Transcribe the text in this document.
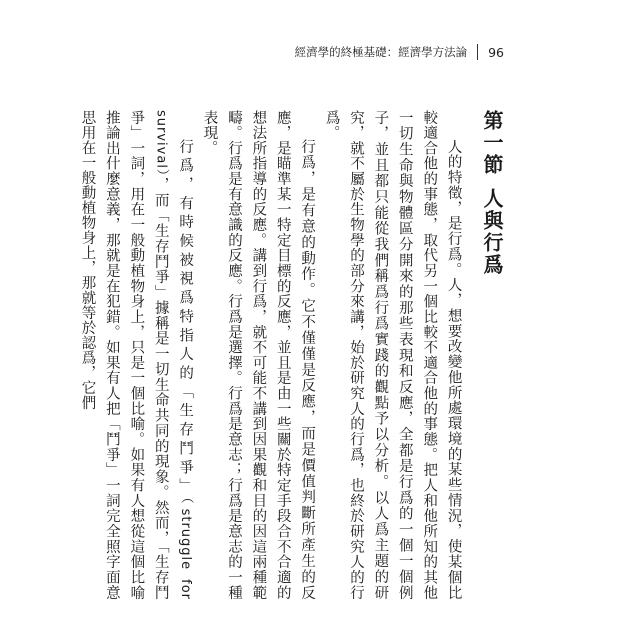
經濟學的終極基礎：經濟學方法論 96
第一節人與行爲

人的特徵，是行爲。人，想要改變他所處環境的某些情況，使某個比較適合他的事態，取代另一個比較不適合他的事態。把人和他所知的其他一切生命與物體區分開來的那些表現和反應，全都是行爲的一個一個例子，並且都只能從我們稱爲行爲實踐的觀點予以分析。以人爲主題的研究，就不屬於生物學的部分來講，始於研究人的行爲，也終於研究人的行爲。

行爲，是有意的動作。它不僅僅是反應，而是價值判斷所產生的反應，是瞄準某一特定目標的反應，並且是由一些關於特定手段合不合適的想法所指導的反應。講到行爲，就不可能不講到因果觀和目的因這兩種範疇。行爲是有意識的反應。行爲是選擇。行爲是意志；行爲是意志的一種表現。

行爲，有時候被視爲特指人的「生存鬥爭」（struggle for survival），而「生存鬥爭」據稱是一切生命共同的現象。然而，「生存鬥爭」一詞，用在一般動植物身上，只是一個比喻。如果有人想從這個比喻推論出什麼意義，那就是在犯錯。如果有人把「鬥爭」一詞完全照字面意思用在一般動植物身上，那就等於認爲，它們
